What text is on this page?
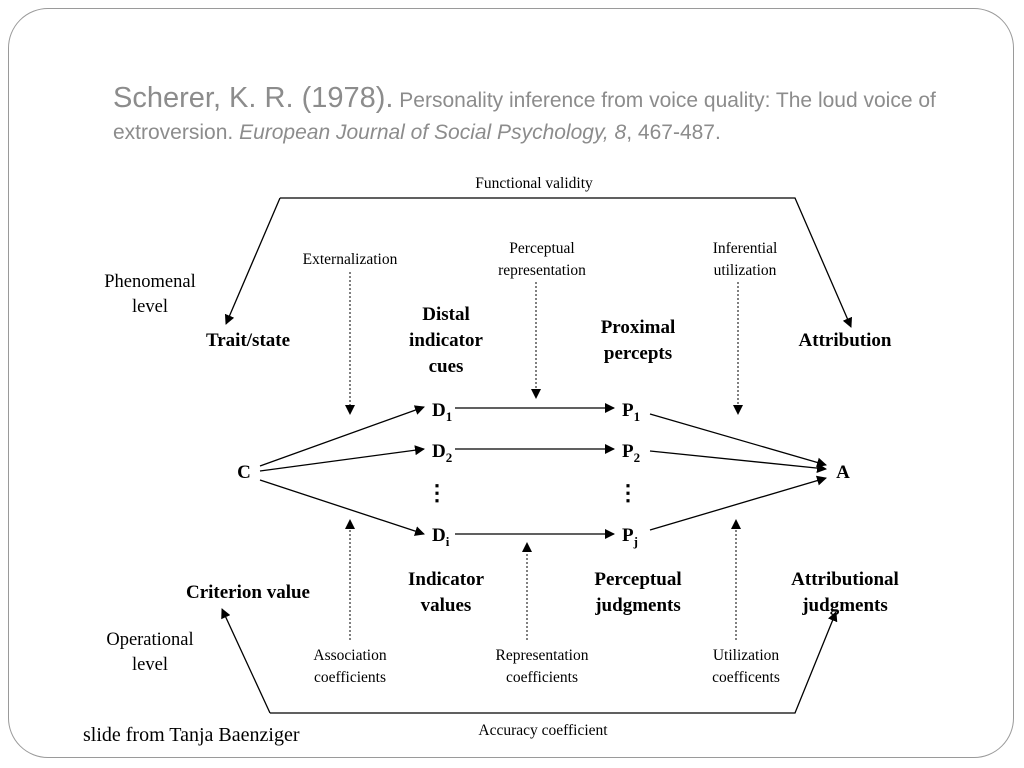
Scherer, K. R. (1978). Personality inference from voice quality: The loud voice of extroversion. European Journal of Social Psychology, 8, 467-487.
Functional validity
Accuracy coefficient
Phenomenal
level
Operational
level
Externalization
Perceptual
representation
Inferential
utilization
Trait/state
Distal
indicator
cues
Proximal
percepts
Attribution
C	A
$D_1$
$D_2$
$D_i$
$P_1$
$P_2$
$P_j$
⋮	⋮
Criterion value
Indicator
values
Perceptual
judgments
Attributional
judgments
Association
coefficients
Representation
coefficients
Utilization
coefficents
slide from Tanja Baenziger
